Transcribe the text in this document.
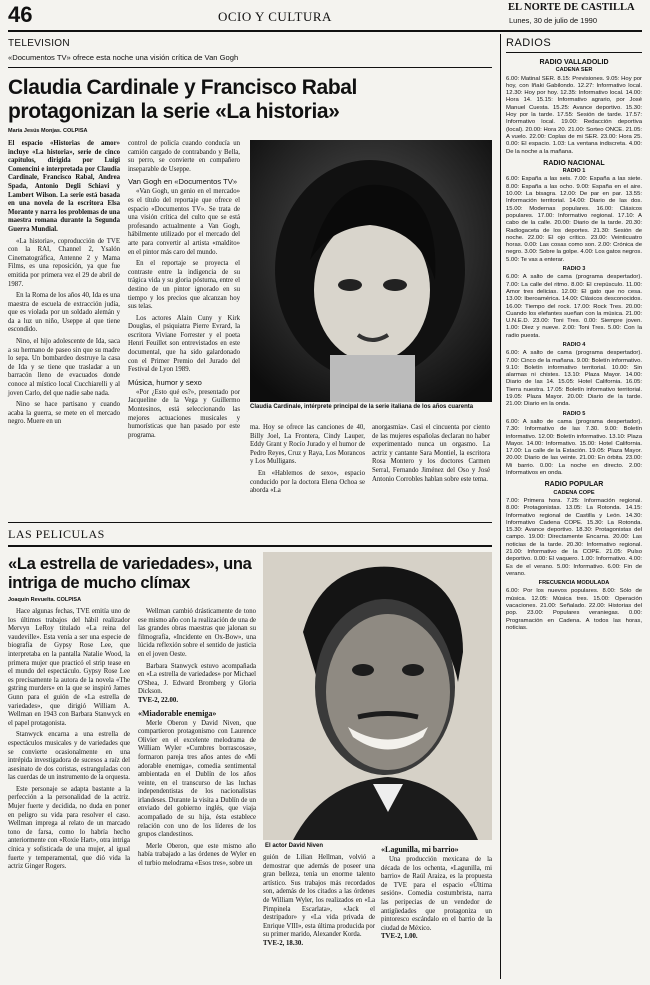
46	OCIO Y CULTURA
EL NORTE DE CASTILLA
Lunes, 30 de julio de 1990
TELEVISION
«Documentos TV» ofrece esta noche una visión crítica de Van Gogh
Claudia Cardinale y Francisco Rabal protagonizan la serie «La historia»
María Jesús Monjas. COLPISA

El espacio «Historias de amor» incluye «La historia», serie de cinco capítulos, dirigida por Luigi Comencini e interpretada por Claudia Cardinale, Francisco Rabal, Andrea Spada, Antonio Degli Schiavi y Lambert Wilson. La serie está basada en una novela de la escritora Elsa Morante y narra los problemas de una maestra romana durante la Segunda Guerra Mundial.

«La historia», coproducción de TVE con la RAI, Channel 2, Ysalón Cinematográfica, Antenne 2 y Mama Films, es una reposición, ya que fue emitida por primera vez el 29 de abril de 1987.

En la Roma de los años 40, Ida es una maestra de escuela de extracción judía, que es violada por un soldado alemán y da a luz un niño, Useppe al que tiene escondido.

Nino, el hijo adolescente de Ida, saca a su hermano de paseo sin que su madre lo sepa. Un bombardeo destruye la casa de Ida y se tiene que trasladar a un barracón lleno de evacuados donde conoce al místico local Cucchiarelli y al joven Carlo, del que nadie sabe nada.

Nino se hace partisano y cuando acaba la guerra, se mete en el mercado negro. Muere en un

control de policía cuando conducía un camión cargado de contrabando y Bella, su perro, se convierte en compañero inseparable de Useppe.

Van Gogh en «Documentos TV»

«Van Gogh, un genio en el mercado» es el título del reportaje que ofrece el espacio «Documentos TV». Se trata de una visión crítica del culto que se está profesando actualmente a Van Gogh, hábilmente utilizado por el mercado del arte para convertir al artista «maldito» en el pintor más caro del mundo.

En el reportaje se proyecta el contraste entre la indigencia de su trágica vida y su gloria póstuma, entre el destino de un pintor ignorado en su tiempo y los precios que alcanzan hoy sus telas.

Los actores Alain Cuny y Kirk Douglas, el psiquiatra Pierre Evrard, la escritora Viviane Forrester y el poeta Henri Feuillet son entrevistados en este documental, que ha sido galardonado con el Primer Premio del Jurado del Festival de Lyon 1989.

Música, humor y sexo

«Por ¿Esto qué es?», presentado por Jacqueline de la Vega y Guillermo Montesinos, está seleccionando las mejores actuaciones musicales y humorísticas que han pasado por este programa.

Claudia Cardinale, intérprete principal de la serie italiana de los años cuarenta

ma. Hoy se ofrece las canciones de 40, Billy Joel, La Frontera, Cindy Lauper, Eddy Grant y Rocío Jurado y el humor de Pedro Reyes, Cruz y Raya, Los Morancos y Los Mulligans.

En «Hablemos de sexo», espacio conducido por la doctora Elena Ochoa se aborda «La

anorgasmia». Casi el cincuenta por ciento de las mujeres españolas declaran no haber experimentado nunca un orgasmo. La actriz y cantante Sara Montiel, la escritora Rosa Montero y los doctores Carmen Serral, Fernando Jiménez del Oso y José Antonio Corrobles hablan sobre este tema.

LAS PELICULAS
«La estrella de variedades», una intriga de mucho clímax
Joaquín Revuelta. COLPISA

Hace algunas fechas, TVE emitía uno de los últimos trabajos del hábil realizador Mervyn LeRoy titulado «La reina del vaudeville». Esta venía a ser una especie de biografía de Gypsy Rose Lee, que interpretaba en la pantalla Natalie Wood, la primera mujer que practicó el strip tease en el mundo del espectáculo. Gypsy Rose Lee es precisamente la autora de la novela «The gstring murders» en la que se inspiró James Gunn para el guión de «La estrella de variedades», que dirigió William A. Wellman en 1943 con Barbara Stanwyck en el papel protagonista.

Stanwyck encarna a una estrella de espectáculos musicales y de variedades que se convierte ocasionalmente en una intrépida investigadora de sucesos a raíz del asesinato de dos coristas, estranguladas con las cuerdas de un instrumento de la orquesta.

Este personaje se adapta bastante a la perfección a la personalidad de la actriz. Mujer fuerte y decidida, no duda en poner en peligro su vida para resolver el caso. Wellman imprega al relato de un marcado tono de farsa, como lo habría hecho anteriormente con «Roxie Hart», otra intriga cínica y sofisticada de una mujer, al igual fuerte y temperamental, que dió vida la actriz Ginger Rogers.

Wellman cambió drásticamente de tono ese mismo año con la realización de una de las grandes obras maestras que jalonan su filmografía, «Incidente en Ox-Bow», una lúcida reflexión sobre el sentido de justicia en el joven Oeste.

Barbara Stanwyck estuvo acompañada en «La estrella de variedades» por Michael O'Shea, J. Edward Bromberg y Gloria Dickson.

TVE-2, 22.00.

«Miadorable enemiga»

Merle Oberon y David Niven, que compartieron protagonismo con Laurence Olivier en el excelente melodrama de William Wyler «Cumbres borrascosas», formaron pareja tres años antes de «Mi adorable enemiga», comedia sentimental ambientada en el Dublín de los años veinte, en el transcurso de las luchas independentistas de los nacionalistas irlandeses. Durante la visita a Dublín de un enviado del gobierno inglés, que viaja acompañado de su hija, ésta establece relación con uno de los líderes de los grupos clandestinos.

Merle Oberon, que este mismo año había trabajado a las órdenes de Wyler en el turbio melodrama «Esos tres», sobre un

El actor David Niven

guión de Lilian Hellman, volvió a demostrar que además de poseer una gran belleza, tenía un enorme talento artístico. Sus trabajos más recordados son, además de los citados a las órdenes de William Wyler, los realizados en «La Pimpinela Escarlata», «Jack el destripador» y «La vida privada de Enrique VIII», esta última producida por su primer marido, Alexander Korda.

TVE-2, 18.30.

«Lagunilla, mi barrio»

Una producción mexicana de la década de los ochenta, «Lagunilla, mi barrio» de Raúl Araiza, es la propuesta de TVE para el espacio «Última sesión». Comedia costumbrista, narra las peripecias de un vendedor de antigüedades que protagoniza un pintoresco escándalo en el barrio de la ciudad de México.

TVE-2, 1.00.

RADIOS
RADIO VALLADOLID
CADENA SER

6.00: Matinal SER. 8.15: Previsiones. 9.05: Hoy por hoy, con Iñaki Gabilondo. 12.27: Informativo local. 12.30: Hoy por hoy. 12.35: Informativo local. 14.00: Hora 14. 15.15: Informativo agrario, por José Manuel Cuesta. 15.25: Avance deportivo. 15.30: Hoy por la tarde. 17.55: Sesión de tarde. 17.57: Informativo local. 19.00: Redacción deportiva (local). 20.00: Hora 20. 21.00: Sorteo ONCE. 21.05: A vuelo. 22.00: Coplas de mi SER. 23.00: Hora 25. 0.00: El espacio. 1.03: La ventana indiscreta. 4.00: De la noche a la mañana.

RADIO NACIONAL
RADIO 1

6.00: España a las seis. 7.00: España a las siete. 8.00: España a las ocho. 9.00: España en el aire. 10.00: La bisagra. 12.00: De par en par. 13.55: Información territorial. 14.00: Diario de las dos. 15.00: Modernas populares. 16.00: Clásicos populares. 17.00: Informativo regional. 17.10: A cabo de la calle. 20.00: Diario de la tarde. 20.30: Radiogaceta de los deportes. 21.30: Sesión de noche. 22.00: El ojo crítico. 23.00: Veinticuatro horas. 0.00: Las cosas como son. 2.00: Crónica de negro. 3.00: Sobre la golpe. 4.00: Los gatos negros. 5.00: Te vas a enterar.

RADIO 3

6.00: A salto de cama (programa despertador). 7.00: La calle del ritmo. 8.00: El crepúsculo. 11.00: Amor tres delicias. 12.00: El gato que no cesa. 13.00: Iberoamérica. 14.00: Clásicos desconocidos. 16.00: Tiempo del rock. 17.00: Rock Tres. 20.00: Cuando los elefantes sueñan con la música. 21.00: U.N.E.D. 23.00: Toni Tres. 0.00: Siempre joven. 1.00: Diez y nueve. 2.00: Toni Tres. 5.00: Con la radio puesta.

RADIO 4

6.00: A salto de cama (programa despertador). 7.00: Cinco de la mañana. 9.00: Boletín informativo. 9.10: Boletín informativo territorial. 10.00: Sin alarmas ni chistes. 13.10: Plaza Mayor. 14.00: Diario de las 14. 15.05: Hotel California. 16.05: Tierra nuestra. 17.05: Boletín informativo territorial. 19.05: Plaza Mayor. 20.00: Diario de la tarde. 21.00: Diario en la onda.

RADIO 5

6.00: A salto de cama (programa despertador). 7.30: Informativo de las 7.30. 9.00: Boletín informativo. 12.00: Boletín informativo. 13.10: Plaza Mayor. 14.00: Informativo. 15.00: Hotel California. 17.00: La calle de la Estación. 19.05: Plaza Mayor. 20.00: Diario de las veinte. 21.00: En órbita. 23.00: Mi barrio. 0.00: La noche en directo. 2.00: Informativos en onda.

RADIO POPULAR
CADENA COPE

7.00: Primera hora. 7.25: Información regional. 8.00: Protagonistas. 13.05: La Rotonda. 14.15: Informativo regional de Castilla y León. 14.30: Informativo Cadena COPE. 15.30: La Rotonda. 15.30: Avance deportivo. 18.30: Protagonistas del campo. 19.00: Directamente Encarna. 20.00: Las noticias de la tarde. 20.30: Informativo regional. 21.00: Informativo de la COPE. 21.05: Pulso deportivo. 0.00: El vaquero. 1.00: Informativo. 4.00: Es de el verano. 5.00: Informativo. 6.00: Fin de verano.

FRECUENCIA MODULADA

6.00: Por los nuevos populares. 8.00: Sólo de música. 12.05: Música tres. 15.00: Operación vacaciones. 21.00: Señalado. 22.00: Historias del pop. 23.00: Populares veraniegas. 0.00: Programación en Cadena. A todos las horas, noticias.
